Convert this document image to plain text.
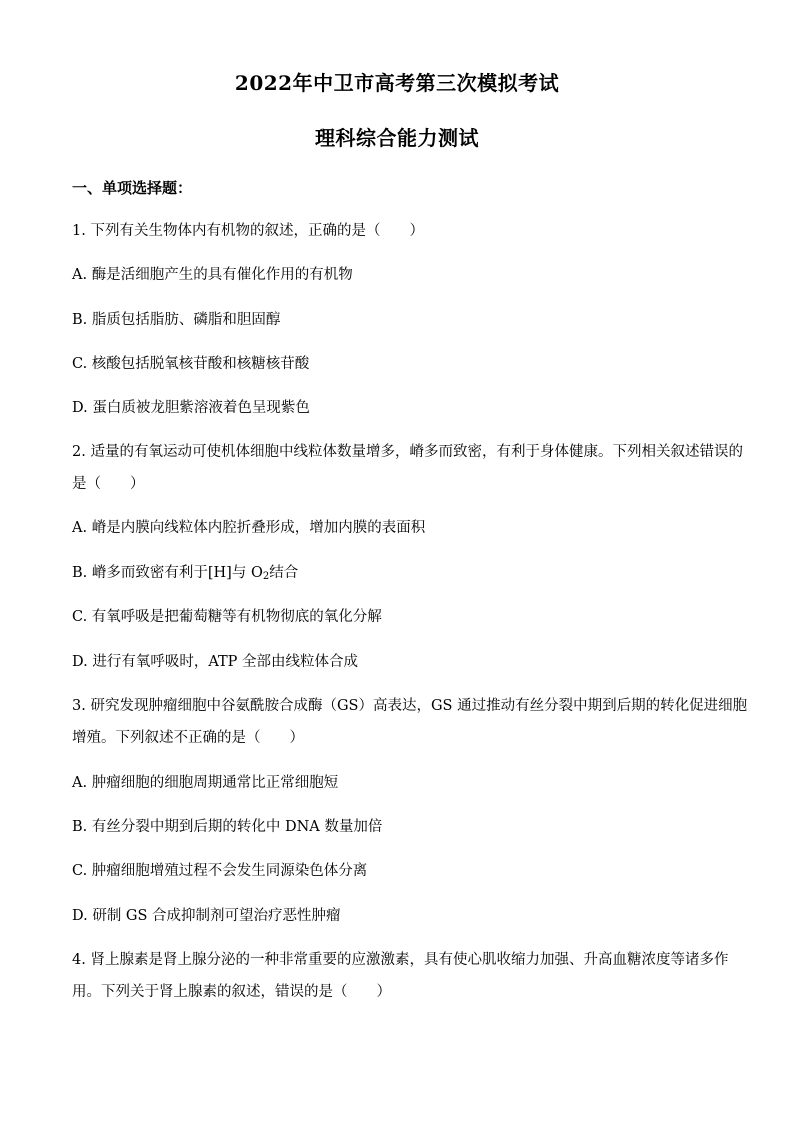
2022年中卫市高考第三次模拟考试
理科综合能力测试
一、单项选择题：
1. 下列有关生物体内有机物的叙述，正确的是（　　）
A. 酶是活细胞产生的具有催化作用的有机物
B. 脂质包括脂肪、磷脂和胆固醇
C. 核酸包括脱氧核苷酸和核糖核苷酸
D. 蛋白质被龙胆紫溶液着色呈现紫色
2. 适量的有氧运动可使机体细胞中线粒体数量增多，嵴多而致密，有利于身体健康。下列相关叙述错误的
是（　　）
A. 嵴是内膜向线粒体内腔折叠形成，增加内膜的表面积
B. 嵴多而致密有利于[H]与 $O_2$结合
C. 有氧呼吸是把葡萄糖等有机物彻底的氧化分解
D. 进行有氧呼吸时，ATP 全部由线粒体合成
3. 研究发现肿瘤细胞中谷氨酰胺合成酶（GS）高表达，GS 通过推动有丝分裂中期到后期的转化促进细胞
增殖。下列叙述不正确的是（　　）
A. 肿瘤细胞的细胞周期通常比正常细胞短
B. 有丝分裂中期到后期的转化中 DNA 数量加倍
C. 肿瘤细胞增殖过程不会发生同源染色体分离
D. 研制 GS 合成抑制剂可望治疗恶性肿瘤
4. 肾上腺素是肾上腺分泌的一种非常重要的应激激素，具有使心肌收缩力加强、升高血糖浓度等诸多作
用。下列关于肾上腺素的叙述，错误的是（　　）
